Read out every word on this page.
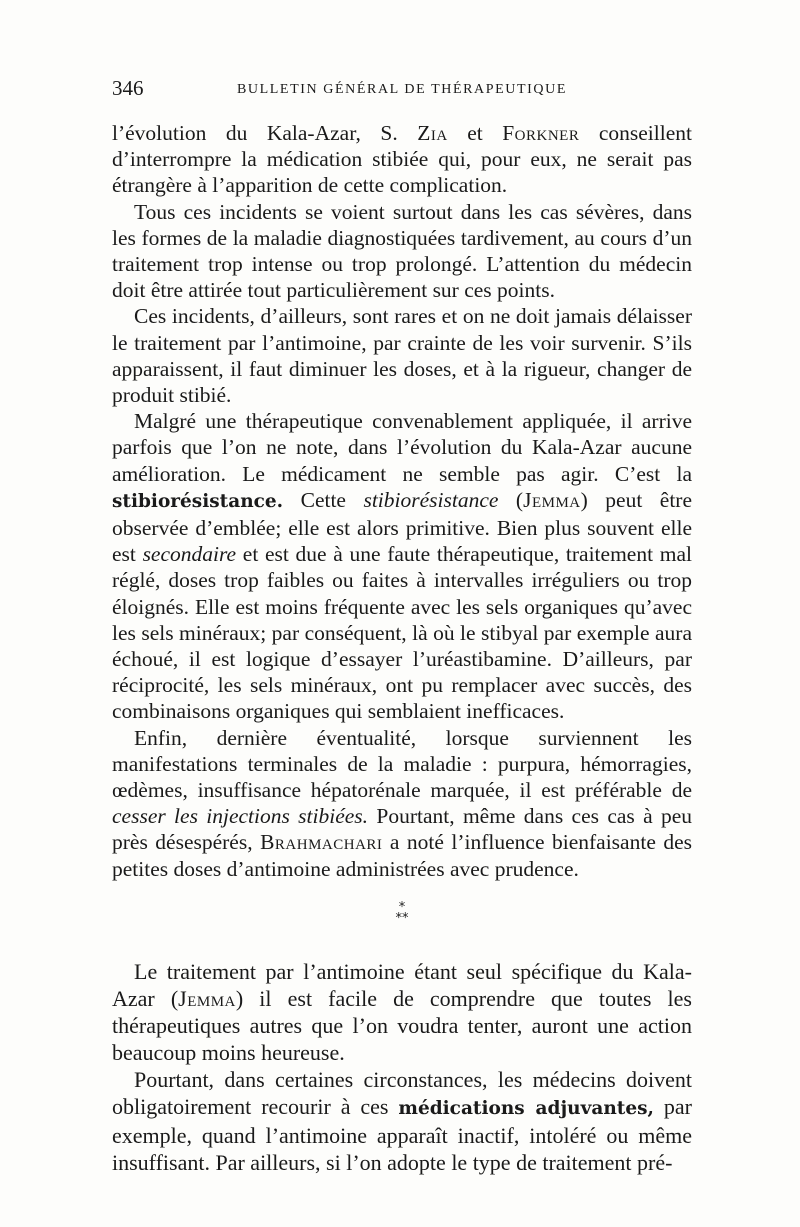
346	BULLETIN GÉNÉRAL DE THÉRAPEUTIQUE

l’évolution du Kala-Azar, S. Zia et Forkner conseillent d’interrompre la médication stibiée qui, pour eux, ne serait pas étrangère à l’apparition de cette complication.

Tous ces incidents se voient surtout dans les cas sévères, dans les formes de la maladie diagnostiquées tardivement, au cours d’un traitement trop intense ou trop prolongé. L’attention du médecin doit être attirée tout particulièrement sur ces points.

Ces incidents, d’ailleurs, sont rares et on ne doit jamais délaisser le traitement par l’antimoine, par crainte de les voir survenir. S’ils apparaissent, il faut diminuer les doses, et à la rigueur, changer de produit stibié.

Malgré une thérapeutique convenablement appliquée, il arrive parfois que l’on ne note, dans l’évolution du Kala-Azar aucune amélioration. Le médicament ne semble pas agir. C’est la stibiorésistance. Cette stibiorésistance (Jemma) peut être observée d’emblée; elle est alors primitive. Bien plus souvent elle est secondaire et est due à une faute thérapeutique, traitement mal réglé, doses trop faibles ou faites à intervalles irréguliers ou trop éloignés. Elle est moins fréquente avec les sels organiques qu’avec les sels minéraux; par conséquent, là où le stibyal par exemple aura échoué, il est logique d’essayer l’uréastibamine. D’ailleurs, par réciprocité, les sels minéraux, ont pu remplacer avec succès, des combinaisons organiques qui semblaient inefficaces.

Enfin, dernière éventualité, lorsque surviennent les manifestations terminales de la maladie : purpura, hémorragies, œdèmes, insuffisance hépatorénale marquée, il est préférable de cesser les injections stibiées. Pourtant, même dans ces cas à peu près désespérés, Brahmachari a noté l’influence bienfaisante des petites doses d’antimoine administrées avec prudence.

*
**

Le traitement par l’antimoine étant seul spécifique du Kala-Azar (Jemma) il est facile de comprendre que toutes les thérapeutiques autres que l’on voudra tenter, auront une action beaucoup moins heureuse.

Pourtant, dans certaines circonstances, les médecins doivent obligatoirement recourir à ces médications adjuvantes, par exemple, quand l’antimoine apparaît inactif, intoléré ou même insuffisant. Par ailleurs, si l’on adopte le type de traitement pré-
